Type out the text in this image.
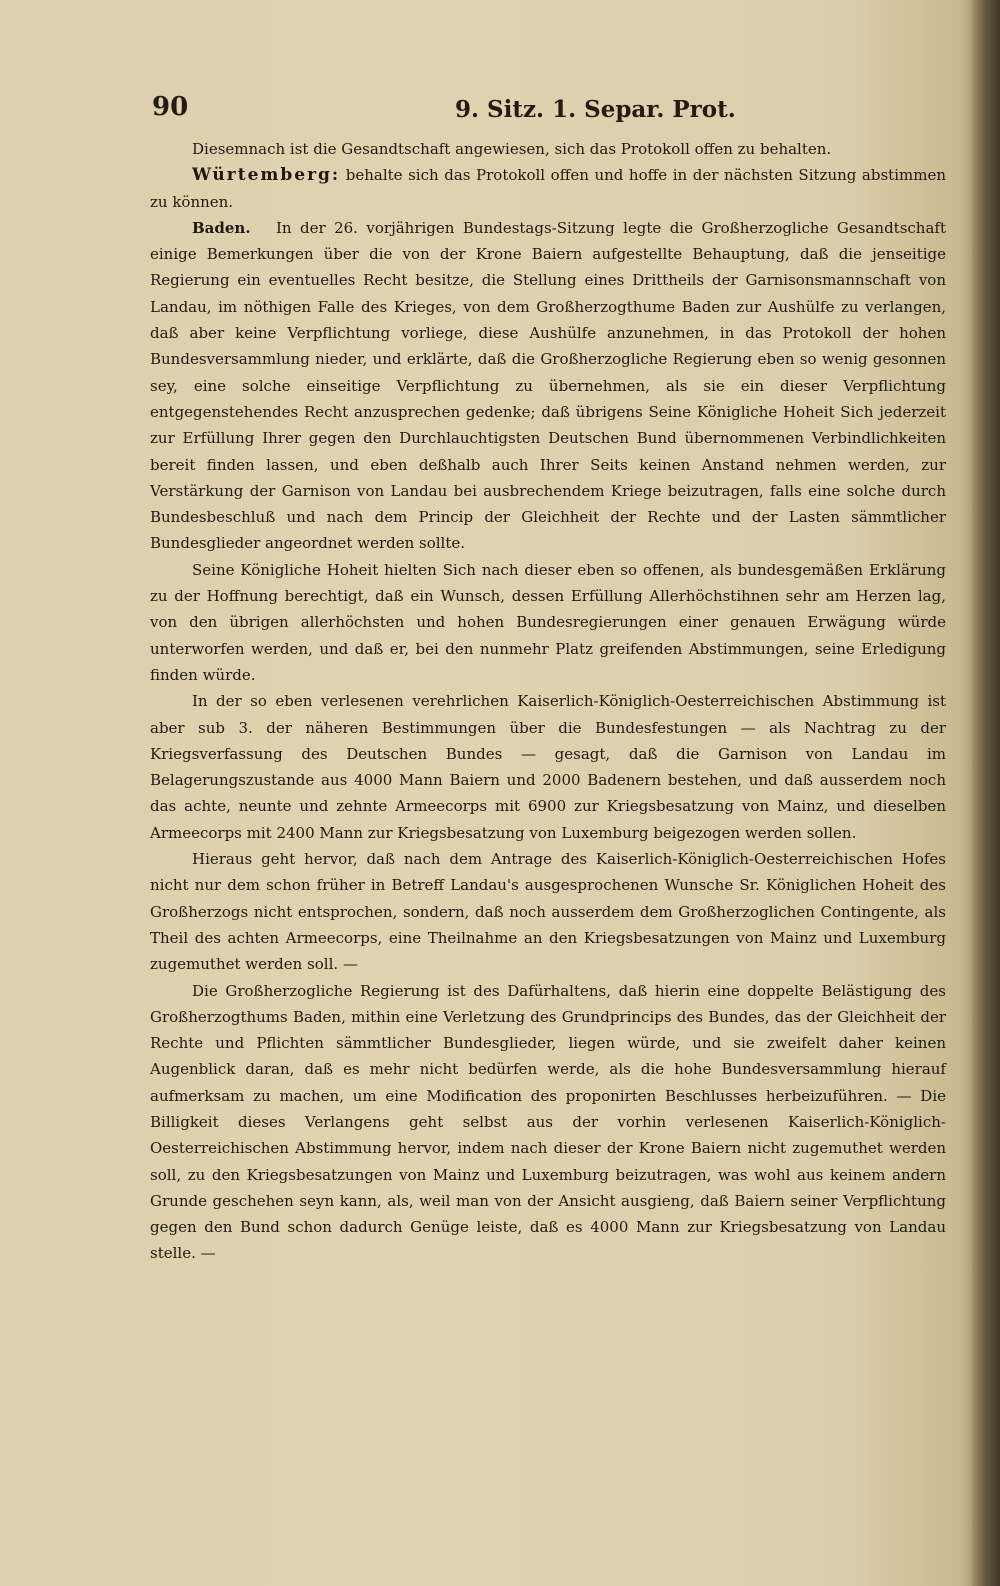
90	9. Sitz. 1. Separ. Prot.

Diesemnach ist die Gesandtschaft angewiesen, sich das Protokoll offen zu behalten.

Würtemberg: behalte sich das Protokoll offen und hoffe in der nächsten Sitzung abstimmen zu können.

Baden. In der 26. vorjährigen Bundestags-Sitzung legte die Großherzogliche Gesandtschaft einige Bemerkungen über die von der Krone Baiern aufgestellte Behauptung, daß die jenseitige Regierung ein eventuelles Recht besitze, die Stellung eines Drittheils der Garnisonsmannschaft von Landau, im nöthigen Falle des Krieges, von dem Großherzogthume Baden zur Aushülfe zu verlangen, daß aber keine Verpflichtung vorliege, diese Aushülfe anzunehmen, in das Protokoll der hohen Bundesversammlung nieder, und erklärte, daß die Großherzogliche Regierung eben so wenig gesonnen sey, eine solche einseitige Verpflichtung zu übernehmen, als sie ein dieser Verpflichtung entgegenstehendes Recht anzusprechen gedenke; daß übrigens Seine Königliche Hoheit Sich jederzeit zur Erfüllung Ihrer gegen den Durchlauchtigsten Deutschen Bund übernommenen Verbindlichkeiten bereit finden lassen, und eben deßhalb auch Ihrer Seits keinen Anstand nehmen werden, zur Verstärkung der Garnison von Landau bei ausbrechendem Kriege beizutragen, falls eine solche durch Bundesbeschluß und nach dem Princip der Gleichheit der Rechte und der Lasten sämmtlicher Bundesglieder angeordnet werden sollte.

Seine Königliche Hoheit hielten Sich nach dieser eben so offenen, als bundesgemäßen Erklärung zu der Hoffnung berechtigt, daß ein Wunsch, dessen Erfüllung Allerhöchstihnen sehr am Herzen lag, von den übrigen allerhöchsten und hohen Bundesregierungen einer genauen Erwägung würde unterworfen werden, und daß er, bei den nunmehr Platz greifenden Abstimmungen, seine Erledigung finden würde.

In der so eben verlesenen verehrlichen Kaiserlich-Königlich-Oesterreichischen Abstimmung ist aber sub 3. der näheren Bestimmungen über die Bundesfestungen — als Nachtrag zu der Kriegsverfassung des Deutschen Bundes — gesagt, daß die Garnison von Landau im Belagerungszustande aus 4000 Mann Baiern und 2000 Badenern bestehen, und daß ausserdem noch das achte, neunte und zehnte Armeecorps mit 6900 zur Kriegsbesatzung von Mainz, und dieselben Armeecorps mit 2400 Mann zur Kriegsbesatzung von Luxemburg beigezogen werden sollen.

Hieraus geht hervor, daß nach dem Antrage des Kaiserlich-Königlich-Oesterreichischen Hofes nicht nur dem schon früher in Betreff Landau's ausgesprochenen Wunsche Sr. Königlichen Hoheit des Großherzogs nicht entsprochen, sondern, daß noch ausserdem dem Großherzoglichen Contingente, als Theil des achten Armeecorps, eine Theilnahme an den Kriegsbesatzungen von Mainz und Luxemburg zugemuthet werden soll. —

Die Großherzogliche Regierung ist des Dafürhaltens, daß hierin eine doppelte Belästigung des Großherzogthums Baden, mithin eine Verletzung des Grundprincips des Bundes, das der Gleichheit der Rechte und Pflichten sämmtlicher Bundesglieder, liegen würde, und sie zweifelt daher keinen Augenblick daran, daß es mehr nicht bedürfen werde, als die hohe Bundesversammlung hierauf aufmerksam zu machen, um eine Modification des proponirten Beschlusses herbeizuführen. — Die Billigkeit dieses Verlangens geht selbst aus der vorhin verlesenen Kaiserlich-Königlich-Oesterreichischen Abstimmung hervor, indem nach dieser der Krone Baiern nicht zugemuthet werden soll, zu den Kriegsbesatzungen von Mainz und Luxemburg beizutragen, was wohl aus keinem andern Grunde geschehen seyn kann, als, weil man von der Ansicht ausgieng, daß Baiern seiner Verpflichtung gegen den Bund schon dadurch Genüge leiste, daß es 4000 Mann zur Kriegsbesatzung von Landau stelle. —
